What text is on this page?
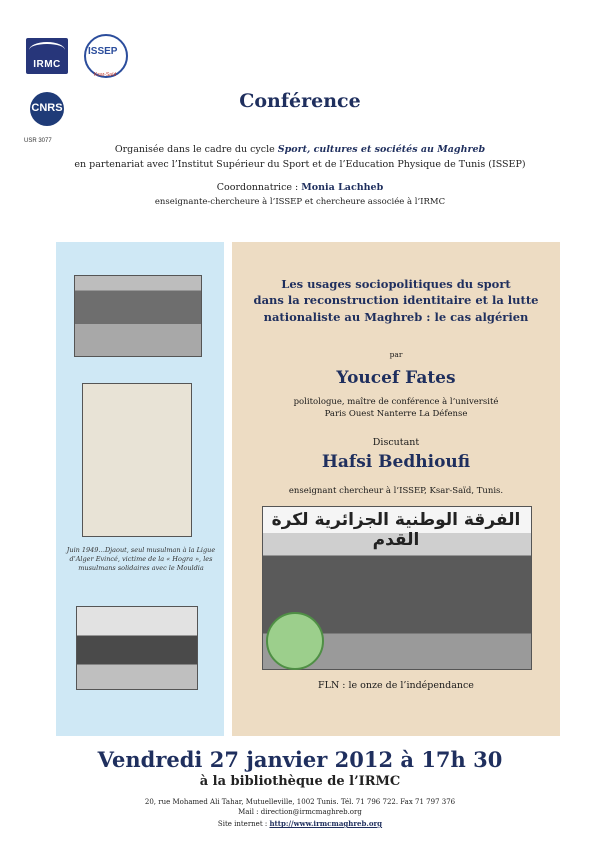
IRMC
ISSEP
Ksar-Saïd
CNRS
USR 3077
Conférence
Organisée dans le cadre du cycle Sport, cultures et sociétés au Maghreb
en partenariat avec l’Institut Supérieur du Sport et de l’Education Physique de Tunis (ISSEP)
Coordonnatrice : Monia Lachheb
enseignante-chercheure à l’ISSEP et chercheure associée à l’IRMC
Juin 1949…Djaout, seul musulman à la Ligue d’Alger Evincé, victime de la « Hogra », les musulmans solidaires avec le Mouldia
Les usages sociopolitiques du sport
dans la reconstruction identitaire et la lutte
nationaliste au Maghreb : le cas algérien
par
Youcef Fates
politologue, maître de conférence à l’université
Paris Ouest Nanterre La Défense
Discutant
Hafsi Bedhioufi
enseignant chercheur à l’ISSEP, Ksar-Saïd, Tunis.
الفرقة الوطنية الجزائرية لكرة القدم
FLN : le onze de l’indépendance
Vendredi 27 janvier 2012 à 17h 30
à la bibliothèque de l’IRMC
20, rue Mohamed Ali Tahar, Mutuelleville, 1002 Tunis. Tél. 71 796 722. Fax 71 797 376
Mail : direction@irmcmaghreb.org
Site internet : http://www.irmcmaghreb.org
